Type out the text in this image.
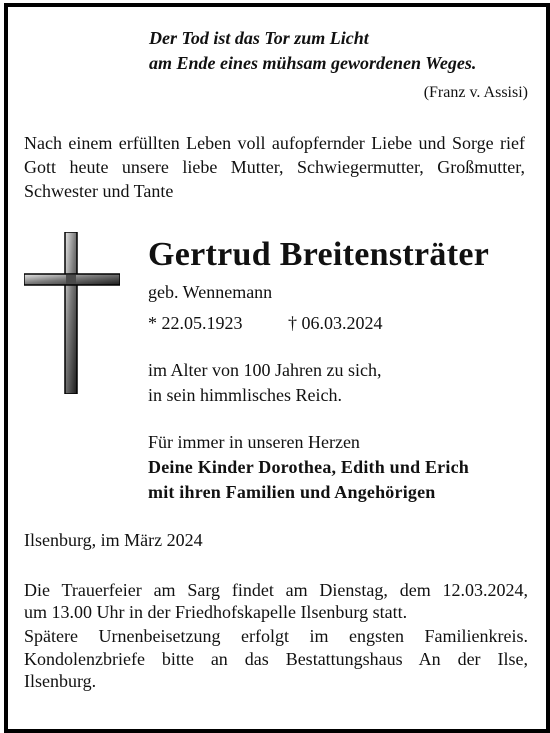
Der Tod ist das Tor zum Licht
am Ende eines mühsam gewordenen Weges.
(Franz v. Assisi)
Nach einem erfüllten Leben voll aufopfernder Liebe und Sorge rief Gott heute unsere liebe Mutter, Schwiegermutter, Großmutter, Schwester und Tante
Gertrud Breitensträter
geb. Wennemann
* 22.05.1923	† 06.03.2024
im Alter von 100 Jahren zu sich,
in sein himmlisches Reich.
Für immer in unseren Herzen
Deine Kinder Dorothea, Edith und Erich
mit ihren Familien und Angehörigen
Ilsenburg, im März 2024
Die Trauerfeier am Sarg findet am Dienstag, dem 12.03.2024,
um 13.00 Uhr in der Friedhofskapelle Ilsenburg statt.
Spätere Urnenbeisetzung erfolgt im engsten Familienkreis.
Kondolenzbriefe bitte an das Bestattungshaus An der Ilse,
Ilsenburg.
